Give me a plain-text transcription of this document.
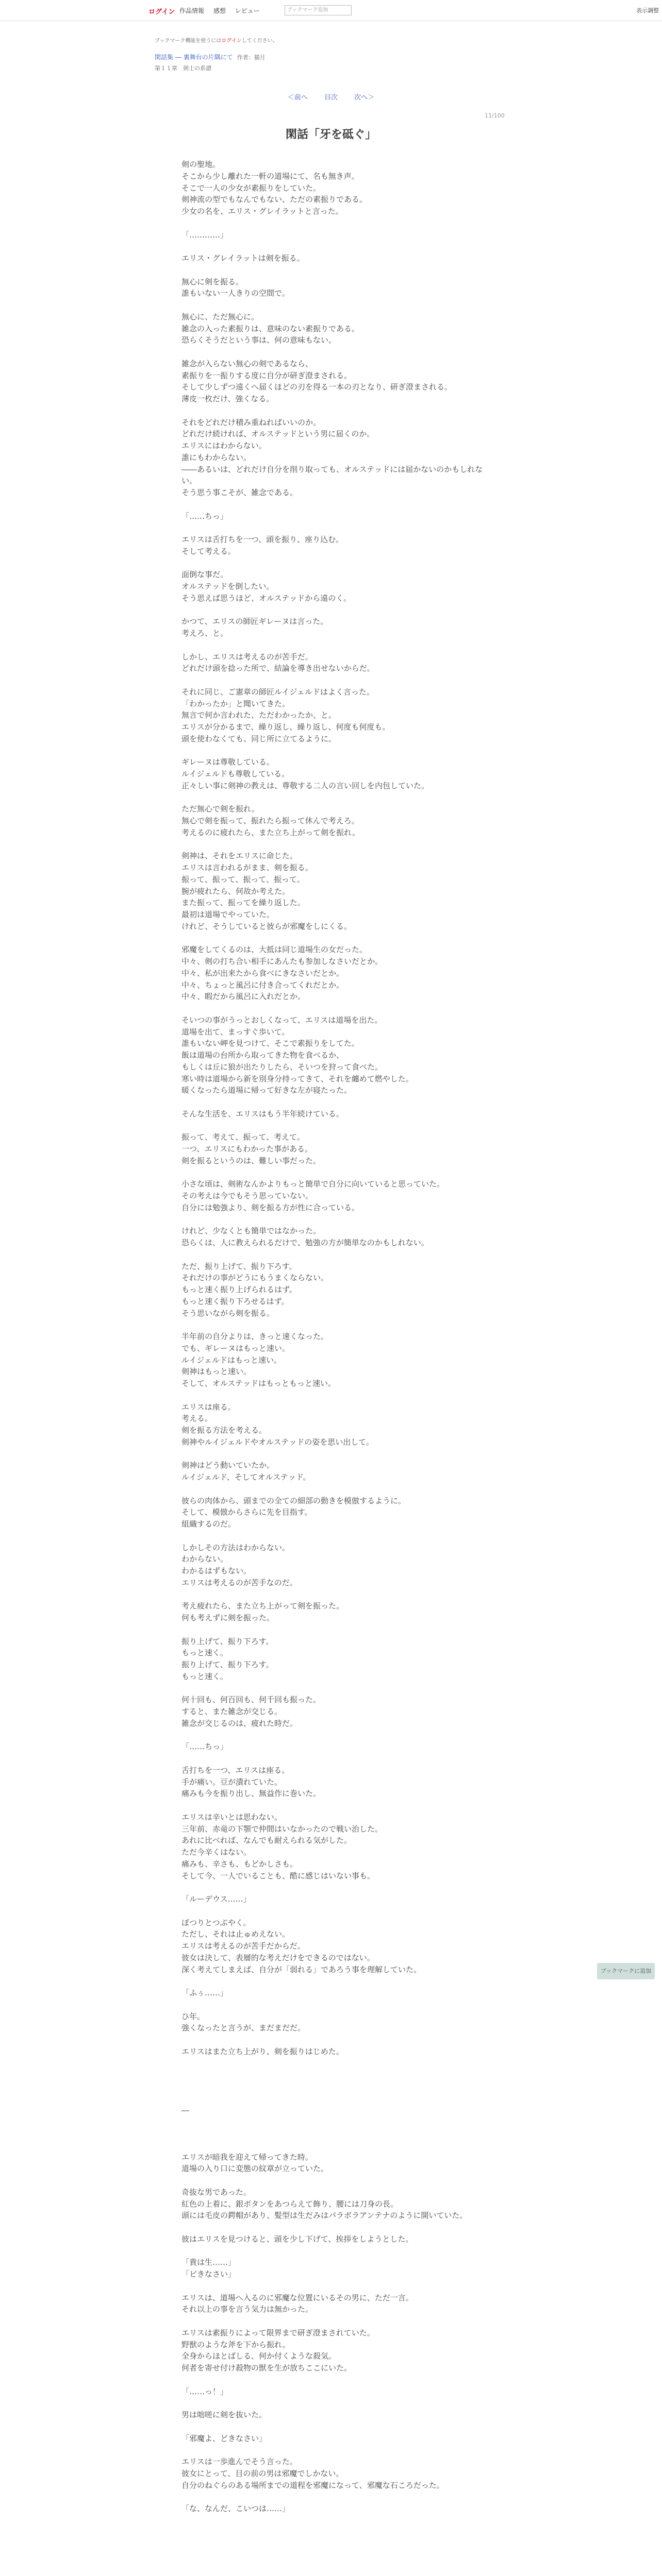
ログイン 作品情報 感想 レビュー	ブックマーク追加	表示調整
ブックマーク機能を使うにはログインしてください。
閑話集 ― 裏舞台の片隅にて 作者：猫月
第１１章　剣士の系譜
＜前へ 目次 次へ＞
11/100
閑話「牙を砥ぐ」

剣の聖地。

そこから少し離れた一軒の道場にて、名も無き声。

そこで一人の少女が素振りをしていた。

剣神流の型でもなんでもない、ただの素振りである。

少女の名を、エリス・グレイラットと言った。

「…………」

エリス・グレイラットは剣を振る。

無心に剣を振る。

誰もいない一人きりの空間で。

無心に、ただ無心に。

雑念の入った素振りは、意味のない素振りである。

恐らくそうだという事は、何の意味もない。

雑念が入らない無心の剣であるなら、

素振りを一振りする度に自分が研ぎ澄まされる。

そして少しずつ遠くへ届くほどの刃を得る一本の刃となり、研ぎ澄まされる。

薄皮一枚だけ、強くなる。

それをどれだけ積み重ねればいいのか。

どれだけ続ければ、オルステッドという男に届くのか。

エリスにはわからない。

誰にもわからない。

――あるいは、どれだけ自分を削り取っても、オルステッドには届かないのかもしれない。

そう思う事こそが、雑念である。

「……ちっ」

エリスは舌打ちを一つ、頭を振り、座り込む。

そして考える。

面倒な事だ。

オルステッドを倒したい。

そう思えば思うほど、オルステッドから遠のく。

かつて、エリスの師匠ギレーヌは言った。

考えろ、と。

しかし、エリスは考えるのが苦手だ。

どれだけ頭を捻った所で、結論を導き出せないからだ。

それに同じ、ご憲章の師匠ルイジェルドはよく言った。

「わかったか」と聞いてきた。

無言で何か言われた、ただわかったか、と。

エリスが分かるまで、繰り返し、繰り返し、何度も何度も。

頭を使わなくても、同じ所に立てるように。

ギレーヌは尊敬している。

ルイジェルドも尊敬している。

正々しい事に剣神の教えは、尊敬する二人の言い回しを内包していた。

ただ無心で剣を振れ。

無心で剣を振って、振れたら振って休んで考えろ。

考えるのに疲れたら、また立ち上がって剣を振れ。

剣神は、それをエリスに命じた。

エリスは言われるがまま、剣を振る。

振って、振って、振って、振って。

腕が疲れたら、何故か考えた。

また振って、振ってを繰り返した。

最初は道場でやっていた。

けれど、そうしていると彼らが邪魔をしにくる。

邪魔をしてくるのは、大抵は同じ道場生の女だった。

中々、剣の打ち合い相手にあんたも参加しなさいだとか。

中々、私が出来たから食べにきなさいだとか。

中々、ちょっと風呂に付き合ってくれだとか。

中々、暇だから風呂に入れだとか。

そいつの事がうっとおしくなって、エリスは道場を出た。

道場を出て、まっすぐ歩いて。

誰もいない岬を見つけて、そこで素振りをしてた。

飯は道場の台所から取ってきた物を食べるか、

もしくは丘に狼が出たりしたら、そいつを狩って食べた。

寒い時は道場から新を別身分持ってきて、それを纏めて燃やした。

暖くなったら道場に帰って好きな左が寝たった。

そんな生活を、エリスはもう半年続けている。

振って、考えて、振って、考えて。

一つ、エリスにもわかった事がある。

剣を振るというのは、難しい事だった。

小さな頃は、剣術なんかよりもっと簡単で自分に向いていると思っていた。

その考えは今でもそう思っていない。

自分には勉強より、剣を振る方が性に合っている。

けれど、少なくとも簡単ではなかった。

恐らくは、人に教えられるだけで、勉強の方が簡単なのかもしれない。

ただ、振り上げて、振り下ろす。

それだけの事がどうにもうまくならない。

もっと速く振り上げられるはず。

もっと速く振り下ろせるはず。

そう思いながら剣を振る。

半年前の自分よりは、きっと速くなった。

でも、ギレーヌはもっと速い。

ルイジェルドはもっと速い。

剣神はもっと速い。

そして、オルステッドはもっともっと速い。

エリスは座る。

考える。

剣を振る方法を考える。

剣神やルイジェルドやオルステッドの姿を思い出して。

剣神はどう動いていたか。

ルイジェルド、そしてオルステッド。

彼らの肉体から、頭までの全ての細部の動きを模倣するように。

そして、模倣からさらに先を目指す。

組織するのだ。

しかしその方法はわからない。

わからない。

わかるはずもない。

エリスは考えるのが苦手なのだ。

考え疲れたら、また立ち上がって剣を振った。

何も考えずに剣を振った。

振り上げて、振り下ろす。

もっと速く。

振り上げて、振り下ろす。

もっと速く。

何十回も、何百回も、何千回も振った。

すると、また雑念が交じる。

雑念が交じるのは、疲れた時だ。

「……ちっ」

舌打ちを一つ、エリスは座る。

手が痛い。豆が潰れていた。

痛みも今を振り出し、無益作に巻いた。

エリスは辛いとは思わない。

三年前、赤竜の下顎で仲間はいなかったので戦い治した。

あれに比べれば、なんでも耐えられる気がした。

ただ今辛くはない。

痛みも、辛さも、もどかしさも。

そして今、一人でいることも、酷に感じはいない事も。

「ルーデウス……」

ぼつりとつぶやく。

ただし、それは止ゅめえない。

エリスは考えるのが苦手だからだ。

彼女は決して、表層的な考えだけをできるのではない。

深く考えてしまえば、自分が「弱れる」であろう事を理解していた。

「ふぅ……」

ひ年。

強くなったと言うが、まだまだだ。

エリスはまた立ち上がり、剣を振りはじめた。

―

エリスが暗我を迎えて帰ってきた時。

道場の入り口に変態の紋章が立っていた。

奇抜な男であった。

紅色の上着に、銀ボタンをあつらえて飾り、腰には刀身の長。

頭には毛皮の鍔帽があり、髪型は生だみはパラボラアンテナのように開いていた。

彼はエリスを見つけると、頭を少し下げて、挨拶をしようとした。

「貴は生……」

「ビきなさい」

エリスは、道場へ入るのに邪魔な位置にいるその男に、ただ一言。

それ以上の事を言う気力は無かった。

エリスは素振りによって限界まで研ぎ澄まされていた。

野獣のような斧を下から振れ。

全身からほとばしる、何か付くような殺気。

何者を寄せ付け殺物の獣を生が放ちここにいた。

「……っ！」

男は咄嗟に剣を抜いた。

「邪魔よ、どきなさい」

エリスは一歩進んでそう言った。

彼女にとって、目の前の男は邪魔でしかない。

自分のねぐらのある場所までの道程を邪魔になって、邪魔な石ころだった。

「な、なんだ、こいつは……」

ブックマークに追加
